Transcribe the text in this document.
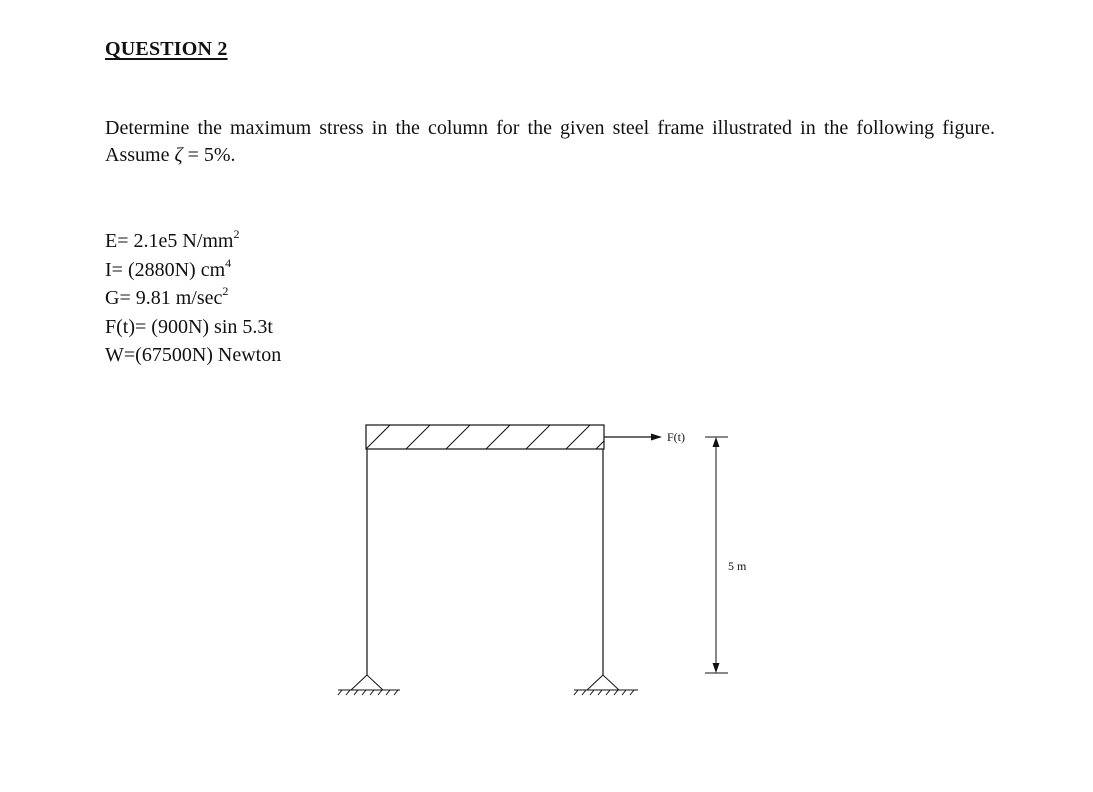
QUESTION 2
Determine the maximum stress in the column for the given steel frame illustrated in the following figure. Assume ζ = 5%.
E= 2.1e5 $N/mm^2$
I= (2880N) $cm^4$
G= 9.81 $m/\sec^2$
F(t)= (900N) sin 5.3t
W=(67500N) Newton
F(t)
5 m
